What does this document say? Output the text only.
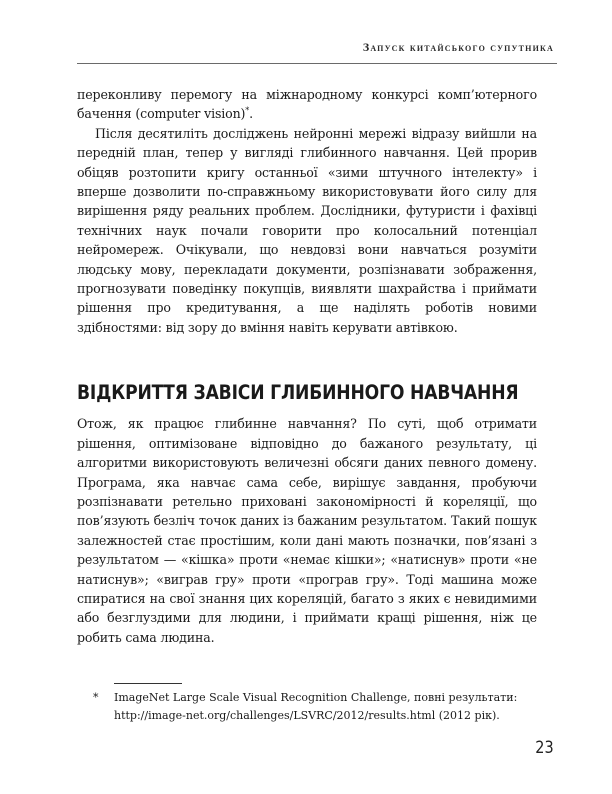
Запуск китайського супутника

переконливу перемогу на міжнародному конкурсі комп’ютерного бачення (computer vision)*.

Після десятиліть досліджень нейронні мережі відразу вийшли на передній план, тепер у вигляді глибинного навчання. Цей прорив обіцяв розтопити кригу останньої «зими штучного інтелекту» і вперше дозволити по-справжньому використовувати його силу для вирішення ряду реальних проблем. Дослідники, футуристи і фахівці технічних наук почали говорити про колосальний потенціал нейромереж. Очікували, що невдовзі вони навчаться розуміти людську мову, перекладати документи, розпізнавати зображення, прогнозувати поведінку покупців, виявляти шахрайства і приймати рішення про кредитування, а ще наділять роботів новими здібностями: від зору до вміння навіть керувати автівкою.

ВІДКРИТТЯ ЗАВІСИ ГЛИБИННОГО НАВЧАННЯ

Отож, як працює глибинне навчання? По суті, щоб отримати рішення, оптимізоване відповідно до бажаного результату, ці алгоритми використовують величезні обсяги даних певного домену. Програма, яка навчає сама себе, вирішує завдання, пробуючи розпізнавати ретельно приховані закономірності й кореляції, що пов’язують безліч точок даних із бажаним результатом. Такий пошук залежностей стає простішим, коли дані мають позначки, пов’язані з результатом — «кішка» проти «немає кішки»; «натиснув» проти «не натиснув»; «виграв гру» проти «програв гру». Тоді машина може спиратися на свої знання цих кореляцій, багато з яких є невидимими або безглуздими для людини, і приймати кращі рішення, ніж це робить сама людина.

*	ImageNet Large Scale Visual Recognition Challenge, повні результати: http://image-net.org/challenges/LSVRC/2012/results.html (2012 рік).
23
